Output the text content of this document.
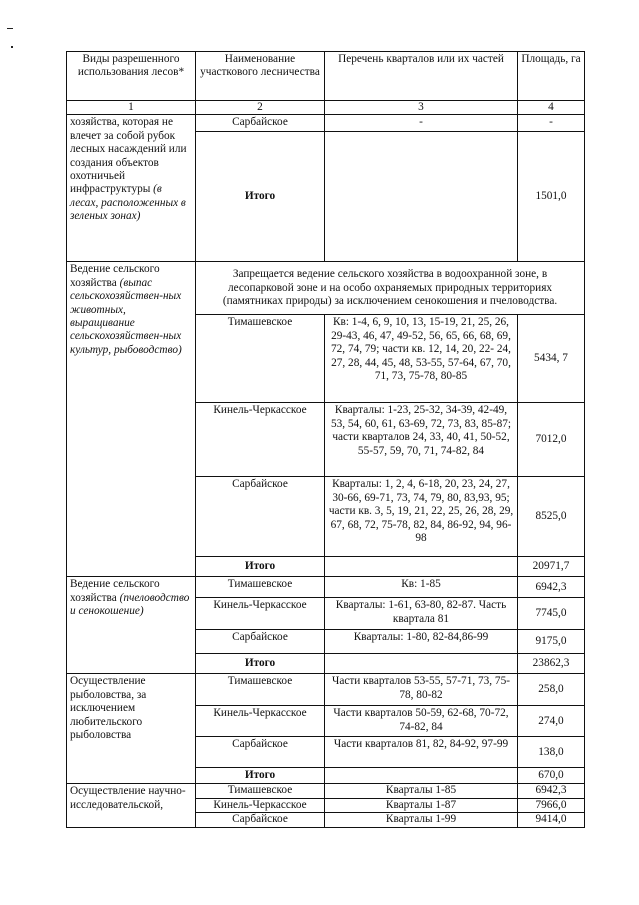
Виды разрешенного использования лесов*	Наименование участкового лесничества	Перечень кварталов или их частей	Площадь, га
1	2	3	4
хозяйства, которая не влечет за собой рубок лесных насаждений или создания объектов охотничьей инфраструктуры (в лесах, расположенных в зеленых зонах)	Сарбайское	-	-
	Итого		1501,0
Ведение сельского хозяйства (выпас сельскохозяйствен-ных животных, выращивание сельскохозяйствен-ных культур, рыбоводство)	Запрещается ведение сельского хозяйства в водоохранной зоне, в лесопарковой зоне и на особо охраняемых природных территориях (памятниках природы) за исключением сенокошения и пчеловодства.		
	Тимашевское	Кв: 1-4, 6, 9, 10, 13, 15-19, 21, 25, 26, 29-43, 46, 47, 49-52, 56, 65, 66, 68, 69, 72, 74, 79; части кв. 12, 14, 20, 22- 24, 27, 28, 44, 45, 48, 53-55, 57-64, 67, 70, 71, 73, 75-78, 80-85	5434, 7
	Кинель-Черкасское	Кварталы: 1-23, 25-32, 34-39, 42-49, 53, 54, 60, 61, 63-69, 72, 73, 83, 85-87; части кварталов 24, 33, 40, 41, 50-52, 55-57, 59, 70, 71, 74-82, 84	7012,0
	Сарбайское	Кварталы: 1, 2, 4, 6-18, 20, 23, 24, 27, 30-66, 69-71, 73, 74, 79, 80, 83,93, 95; части кв. 3, 5, 19, 21, 22, 25, 26, 28, 29, 67, 68, 72, 75-78, 82, 84, 86-92, 94, 96-98	8525,0
	Итого		20971,7
Ведение сельского хозяйства (пчеловодство и сенокошение)	Тимашевское	Кв: 1-85	6942,3
	Кинель-Черкасское	Кварталы: 1-61, 63-80, 82-87. Часть квартала 81	7745,0
	Сарбайское	Кварталы: 1-80, 82-84,86-99	9175,0
	Итого		23862,3
Осуществление рыболовства, за исключением любительского рыболовства	Тимашевское	Части кварталов 53-55, 57-71, 73, 75-78, 80-82	258,0
	Кинель-Черкасское	Части кварталов 50-59, 62-68, 70-72, 74-82, 84	274,0
	Сарбайское	Части кварталов 81, 82, 84-92, 97-99	138,0
	Итого		670,0
Осуществление научно-исследовательской,	Тимашевское	Кварталы 1-85	6942,3
	Кинель-Черкасское	Кварталы 1-87	7966,0
	Сарбайское	Кварталы 1-99	9414,0
